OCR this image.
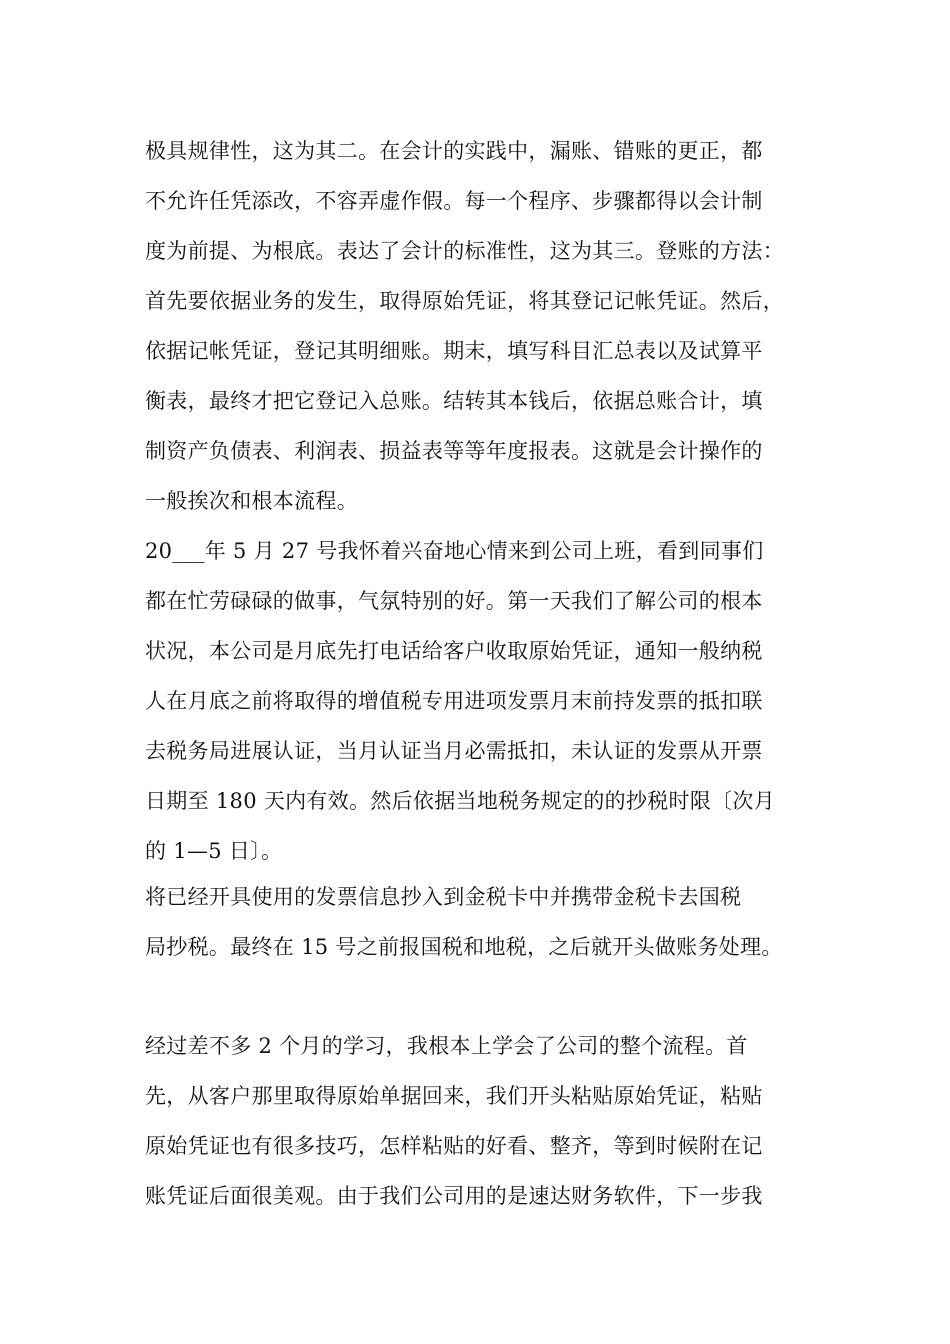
极具规律性，这为其二。在会计的实践中，漏账、错账的更正，都
不允许任凭添改，不容弄虚作假。每一个程序、步骤都得以会计制
度为前提、为根底。表达了会计的标准性，这为其三。登账的方法：
首先要依据业务的发生，取得原始凭证，将其登记记帐凭证。然后，
依据记帐凭证，登记其明细账。期末，填写科目汇总表以及试算平
衡表，最终才把它登记入总账。结转其本钱后，依据总账合计，填
制资产负债表、利润表、损益表等等年度报表。这就是会计操作的
一般挨次和根本流程。
20___年 5 月 27 号我怀着兴奋地心情来到公司上班，看到同事们
都在忙劳碌碌的做事，气氛特别的好。第一天我们了解公司的根本
状况，本公司是月底先打电话给客户收取原始凭证，通知一般纳税
人在月底之前将取得的增值税专用进项发票月末前持发票的抵扣联
去税务局进展认证，当月认证当月必需抵扣，未认证的发票从开票
日期至 180 天内有效。然后依据当地税务规定的的抄税时限〔次月
的 1—5 日〕。
将已经开具使用的发票信息抄入到金税卡中并携带金税卡去国税
局抄税。最终在 15 号之前报国税和地税，之后就开头做账务处理。
经过差不多 2 个月的学习，我根本上学会了公司的整个流程。首
先，从客户那里取得原始单据回来，我们开头粘贴原始凭证，粘贴
原始凭证也有很多技巧，怎样粘贴的好看、整齐，等到时候附在记
账凭证后面很美观。由于我们公司用的是速达财务软件，下一步我
